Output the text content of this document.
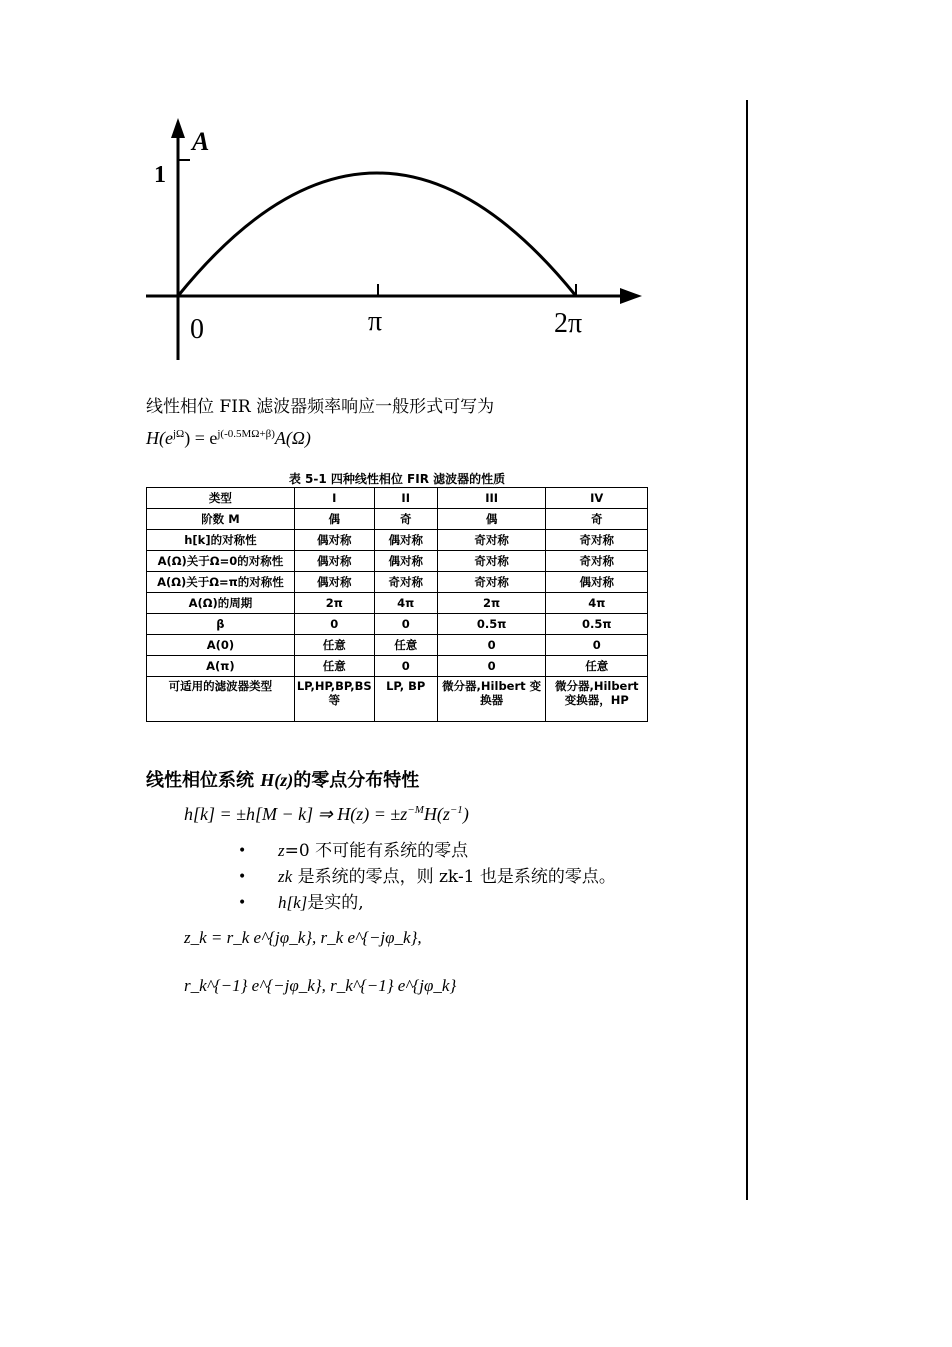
A
1
0	π	2π
线性相位 FIR 滤波器频率响应一般形式可写为
$H(e^{j\Omega}) = e^{j(-0.5M\Omega+\beta)}A(\Omega)$
表 5-1 四种线性相位 FIR 滤波器的性质
类型	I	II	III	IV
阶数 M	偶	奇	偶	奇
h[k]的对称性	偶对称	偶对称	奇对称	奇对称
A(Ω)关于Ω=0的对称性	偶对称	偶对称	奇对称	奇对称
A(Ω)关于Ω=π的对称性	偶对称	奇对称	奇对称	偶对称
A(Ω)的周期	2π	4π	2π	4π
β	0	0	0.5π	0.5π
A(0)	任意	任意	0	0
A(π)	任意	0	0	任意
可适用的滤波器类型	LP,HP,BP,BS 等	LP, BP	微分器,Hilbert 变换器	微分器,Hilbert 变换器，HP
线性相位系统 H(z)的零点分布特性
h[k] = ±h[M − k] ⇒ $H(z) = \pm z^{-M}H(z^{-1})$
• z=0 不可能有系统的零点
• zk 是系统的零点，则 zk-1 也是系统的零点。
• h[k]是实的,
z_k = r_k e^{jφ_k}, r_k e^{−jφ_k},
r_k^{−1} e^{−jφ_k}, r_k^{−1} e^{jφ_k}
